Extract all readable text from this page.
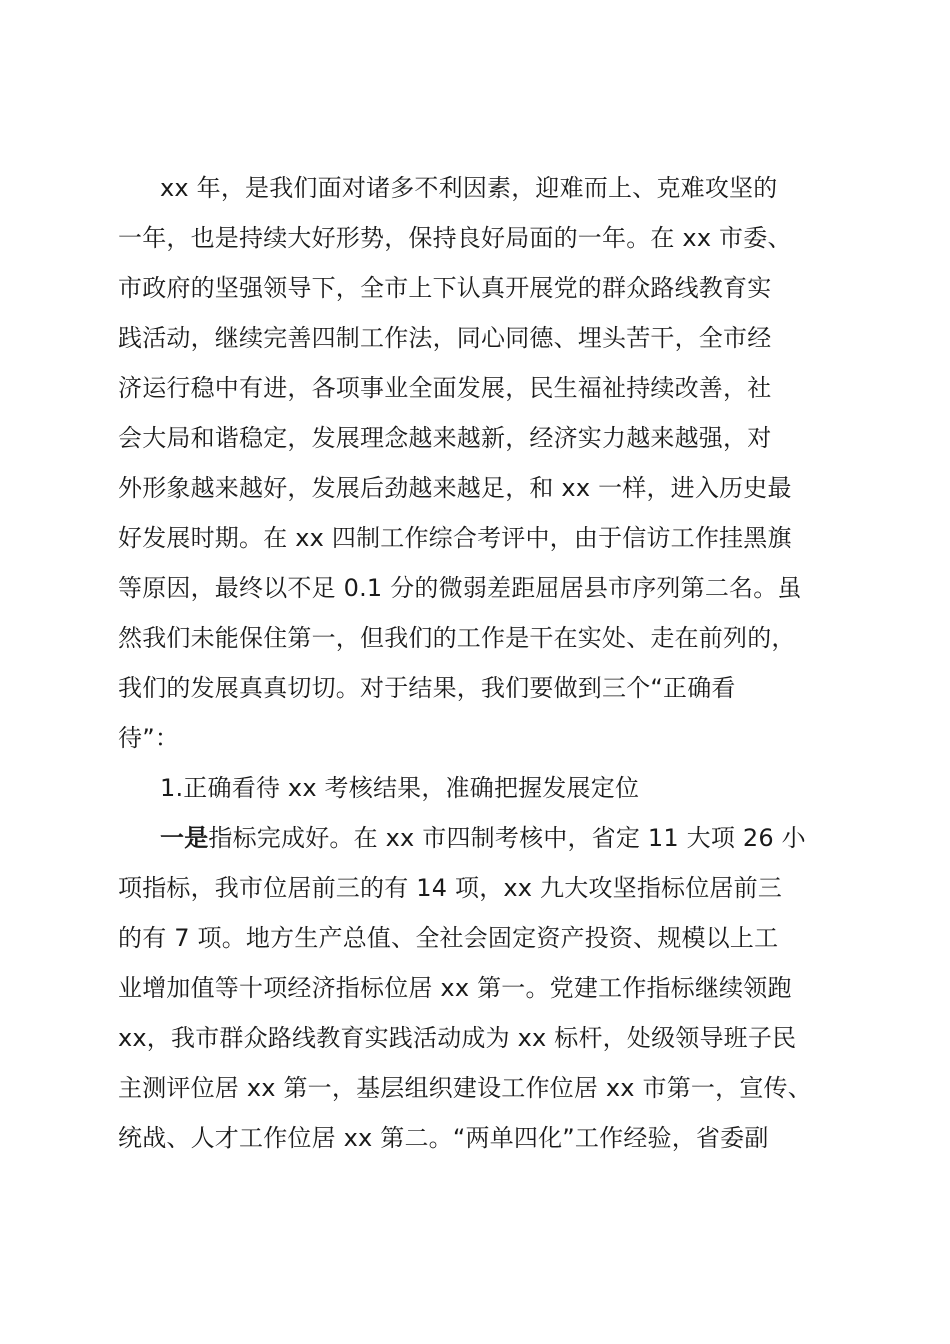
xx 年，是我们面对诸多不利因素，迎难而上、克难攻坚的
一年，也是持续大好形势，保持良好局面的一年。在 xx 市委、
市政府的坚强领导下，全市上下认真开展党的群众路线教育实
践活动，继续完善四制工作法，同心同德、埋头苦干，全市经
济运行稳中有进，各项事业全面发展，民生福祉持续改善，社
会大局和谐稳定，发展理念越来越新，经济实力越来越强，对
外形象越来越好，发展后劲越来越足，和 xx 一样，进入历史最
好发展时期。在 xx 四制工作综合考评中，由于信访工作挂黑旗
等原因，最终以不足 0.1 分的微弱差距屈居县市序列第二名。虽
然我们未能保住第一，但我们的工作是干在实处、走在前列的，
我们的发展真真切切。对于结果，我们要做到三个“正确看
待”：
1.正确看待 xx 考核结果，准确把握发展定位
一是指标完成好。在 xx 市四制考核中，省定 11 大项 26 小
项指标，我市位居前三的有 14 项，xx 九大攻坚指标位居前三
的有 7 项。地方生产总值、全社会固定资产投资、规模以上工
业增加值等十项经济指标位居 xx 第一。党建工作指标继续领跑
xx，我市群众路线教育实践活动成为 xx 标杆，处级领导班子民
主测评位居 xx 第一，基层组织建设工作位居 xx 市第一，宣传、
统战、人才工作位居 xx 第二。“两单四化”工作经验，省委副
